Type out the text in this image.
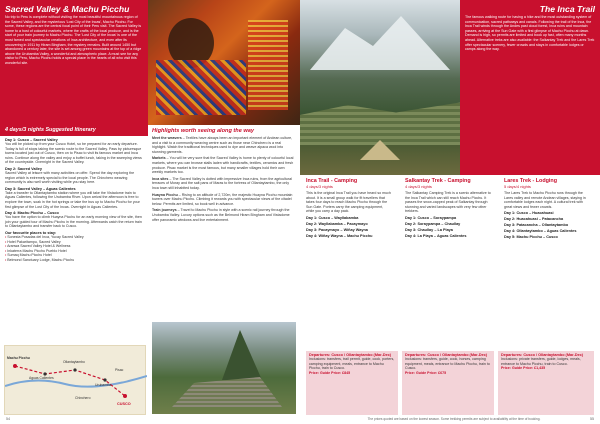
Sacred Valley & Machu Picchu
No trip to Peru is complete without visiting the most beautiful mountainous region of the Sacred Valley, and the mysterious 'Lost City of the Incas', Machu Picchu. For some, these regions are the central focal point of their Peru visit. The Sacred Valley is home to a host of colourful markets, where the crafts of the local produce, and is the start of your train journey to Machu Picchu. The 'Lost City of the Incas' is one of the most famed and spectacular creations of Inca architecture, and even after its uncovering in 1911 by Hiram Bingham, the mystery remains. Built around 1450 but abandoned a century later, the site is set among green mountains at the top of a ridge above the Urubamba Valley, a wonderful and atmospheric place. A must see for any visitor to Peru, Machu Picchu holds a special place in the hearts of all who visit this wonderful site.
4 days/3 nights Suggested Itinerary
Day 1: Cusco – Sacred Valley
You will be picked up from your Cusco Hotel, so be prepared for an early departure. Today is full of stops taking the scenic route to the Sacred Valley. Pass by picturesque towns located just out of Cusco, then on to Pisac to visit its famous market and Inca ruins. Continue along the valley and enjoy a buffet lunch, taking in the sweeping views of the countryside. Overnight in the Sacred Valley.
Day 2: Sacred Valley
Sacred Valley at leisure with many activities on offer. Spend the day exploring the region which is extremely special to the local people. The Chinchero weaving community is also well worth visiting while you stay here.
Day 3: Sacred Valley – Aguas Calientes
Take a transfer to Ollantaytambo station where you will take the Vistadome train to Aguas Calientes, following the Urubamba River. Upon arrival the afternoon is free to explore the town, soak in the hot springs or take the bus up to Machu Picchu for your first glimpse of the Lost City of the Incas. Overnight in Aguas Calientes.
Day 4: Machu Picchu – Cusco
You have the option to climb Huayna Picchu for an early morning view of the site, then join your guided tour of Machu Picchu in the morning. Afterwards catch the return train to Ollantaytambo and transfer back to Cusco.
Our favourite places to stay:
• Sonesta Posadas del Inca, Yucay Sacred Valley
• Hotel Pakaritampu, Sacred Valley
• Aranwa Sacred Valley Hotel & Wellness
• Inkaterra Machu Picchu Pueblo Hotel
• Sumaq Machu Picchu Hotel
• Belmond Sanctuary Lodge, Machu Picchu
Machu Picchu
Aguas Calientes
Ollantaytambo
Urubamba
Pisac
Chinchero
CUSCO
Highlights worth seeing along the way
Meet the weavers – Textiles have always been an important element of Andean culture, and a visit to a community weaving centre such as those near Chinchero is a real highlight. Watch the traditional techniques used to dye and weave alpaca wool into stunning garments.
Markets – You will be very sure that the Sacred Valley is home to plenty of colourful local markets, where you can browse stalls laden with handicrafts, textiles, ceramics and fresh produce. Pisac market is the most famous, but many smaller villages hold their own weekly markets too.
Inca sites – The Sacred Valley is dotted with impressive Inca ruins, from the agricultural terraces of Moray and the salt pans of Maras to the fortress of Ollantaytambo, the only Inca town still inhabited today.
Huayna Picchu – Rising to an altitude of 2,720m, the majestic Huayna Picchu mountain towers over Machu Picchu. Climbing it rewards you with spectacular views of the citadel below. Permits are limited, so book well in advance.
Train journeys – Travel to Machu Picchu in style with a scenic rail journey through the Urubamba Valley. Luxury options such as the Belmond Hiram Bingham and Vistadome offer panoramic windows and live entertainment.
54
The Inca Trail
The famous walking route for having a hike and the most outstanding system of communication, sacred pathways and canals. Following the trail of the Inca, the Inca Trail winds through the Andes past cloud forest, Inca ruins and mountain passes, arriving at the Sun Gate with a first glimpse of Machu Picchu at dawn. Demand is high, so permits are limited and book up fast, often many months ahead. Alternative treks are also available: the Salkantay Trek and the Lares Trek offer spectacular scenery, fewer crowds and stays in comfortable lodges or camps along the way.
Inca Trail - Camping
4 days/3 nights
This is the original Inca Trail you have heard so much about. It is a small group walk for fit travellers that takes four days to reach Machu Picchu through the Sun Gate. Porters carry the camping equipment, while you carry a day pack.
Day 1: Cusco – Wayllabamba
Day 2: Wayllabamba – Pacaymayo
Day 3: Pacaymayo – Wiñay Wayna
Day 4: Wiñay Wayna – Machu Picchu
Salkantay Trek - Camping
4 days/3 nights
The Salkantay Camping Trek is a scenic alternative to the Inca Trail which can still reach Machu Picchu. It passes the snow-capped peak of Salkantay through stunning and varied landscapes with very few other trekkers.
Day 1: Cusco – Soraypampa
Day 2: Soraypampa – Chaullay
Day 3: Chaullay – La Playa
Day 4: La Playa – Aguas Calientes
Lares Trek - Lodging
5 days/4 nights
The Lares Trek to Machu Picchu runs through the Lares valley and remote Andean villages, staying in comfortable lodges each night. A cultural trek with great views and fewer crowds.
Day 1: Cusco – Huacahuasi
Day 2: Huacahuasi – Patacancha
Day 3: Patacancha – Ollantaytambo
Day 4: Ollantaytambo – Aguas Calientes
Day 5: Machu Picchu – Cusco
Departures: Cusco / Ollantaytambo (Mar-Dec)
Inclusions: transfers, trail permit, guide, cook, porters, camping equipment, meals, entrance to Machu Picchu, train to Cusco.
Price: Guide Price: £845
Departures: Cusco / Ollantaytambo (Mar-Dec)
Inclusions: transfers, guide, cook, horses, camping equipment, meals, entrance to Machu Picchu, train to Cusco.
Price: Guide Price: £675
Departures: Cusco / Ollantaytambo (Mar-Dec)
Inclusions: private transfers, guide, lodges, meals, entrance to Machu Picchu, train to Cusco.
Price: Guide Price: £1,435
The prices quoted are based on the lowest season. Some trekking permits are subject to availability at the time of booking.	55
